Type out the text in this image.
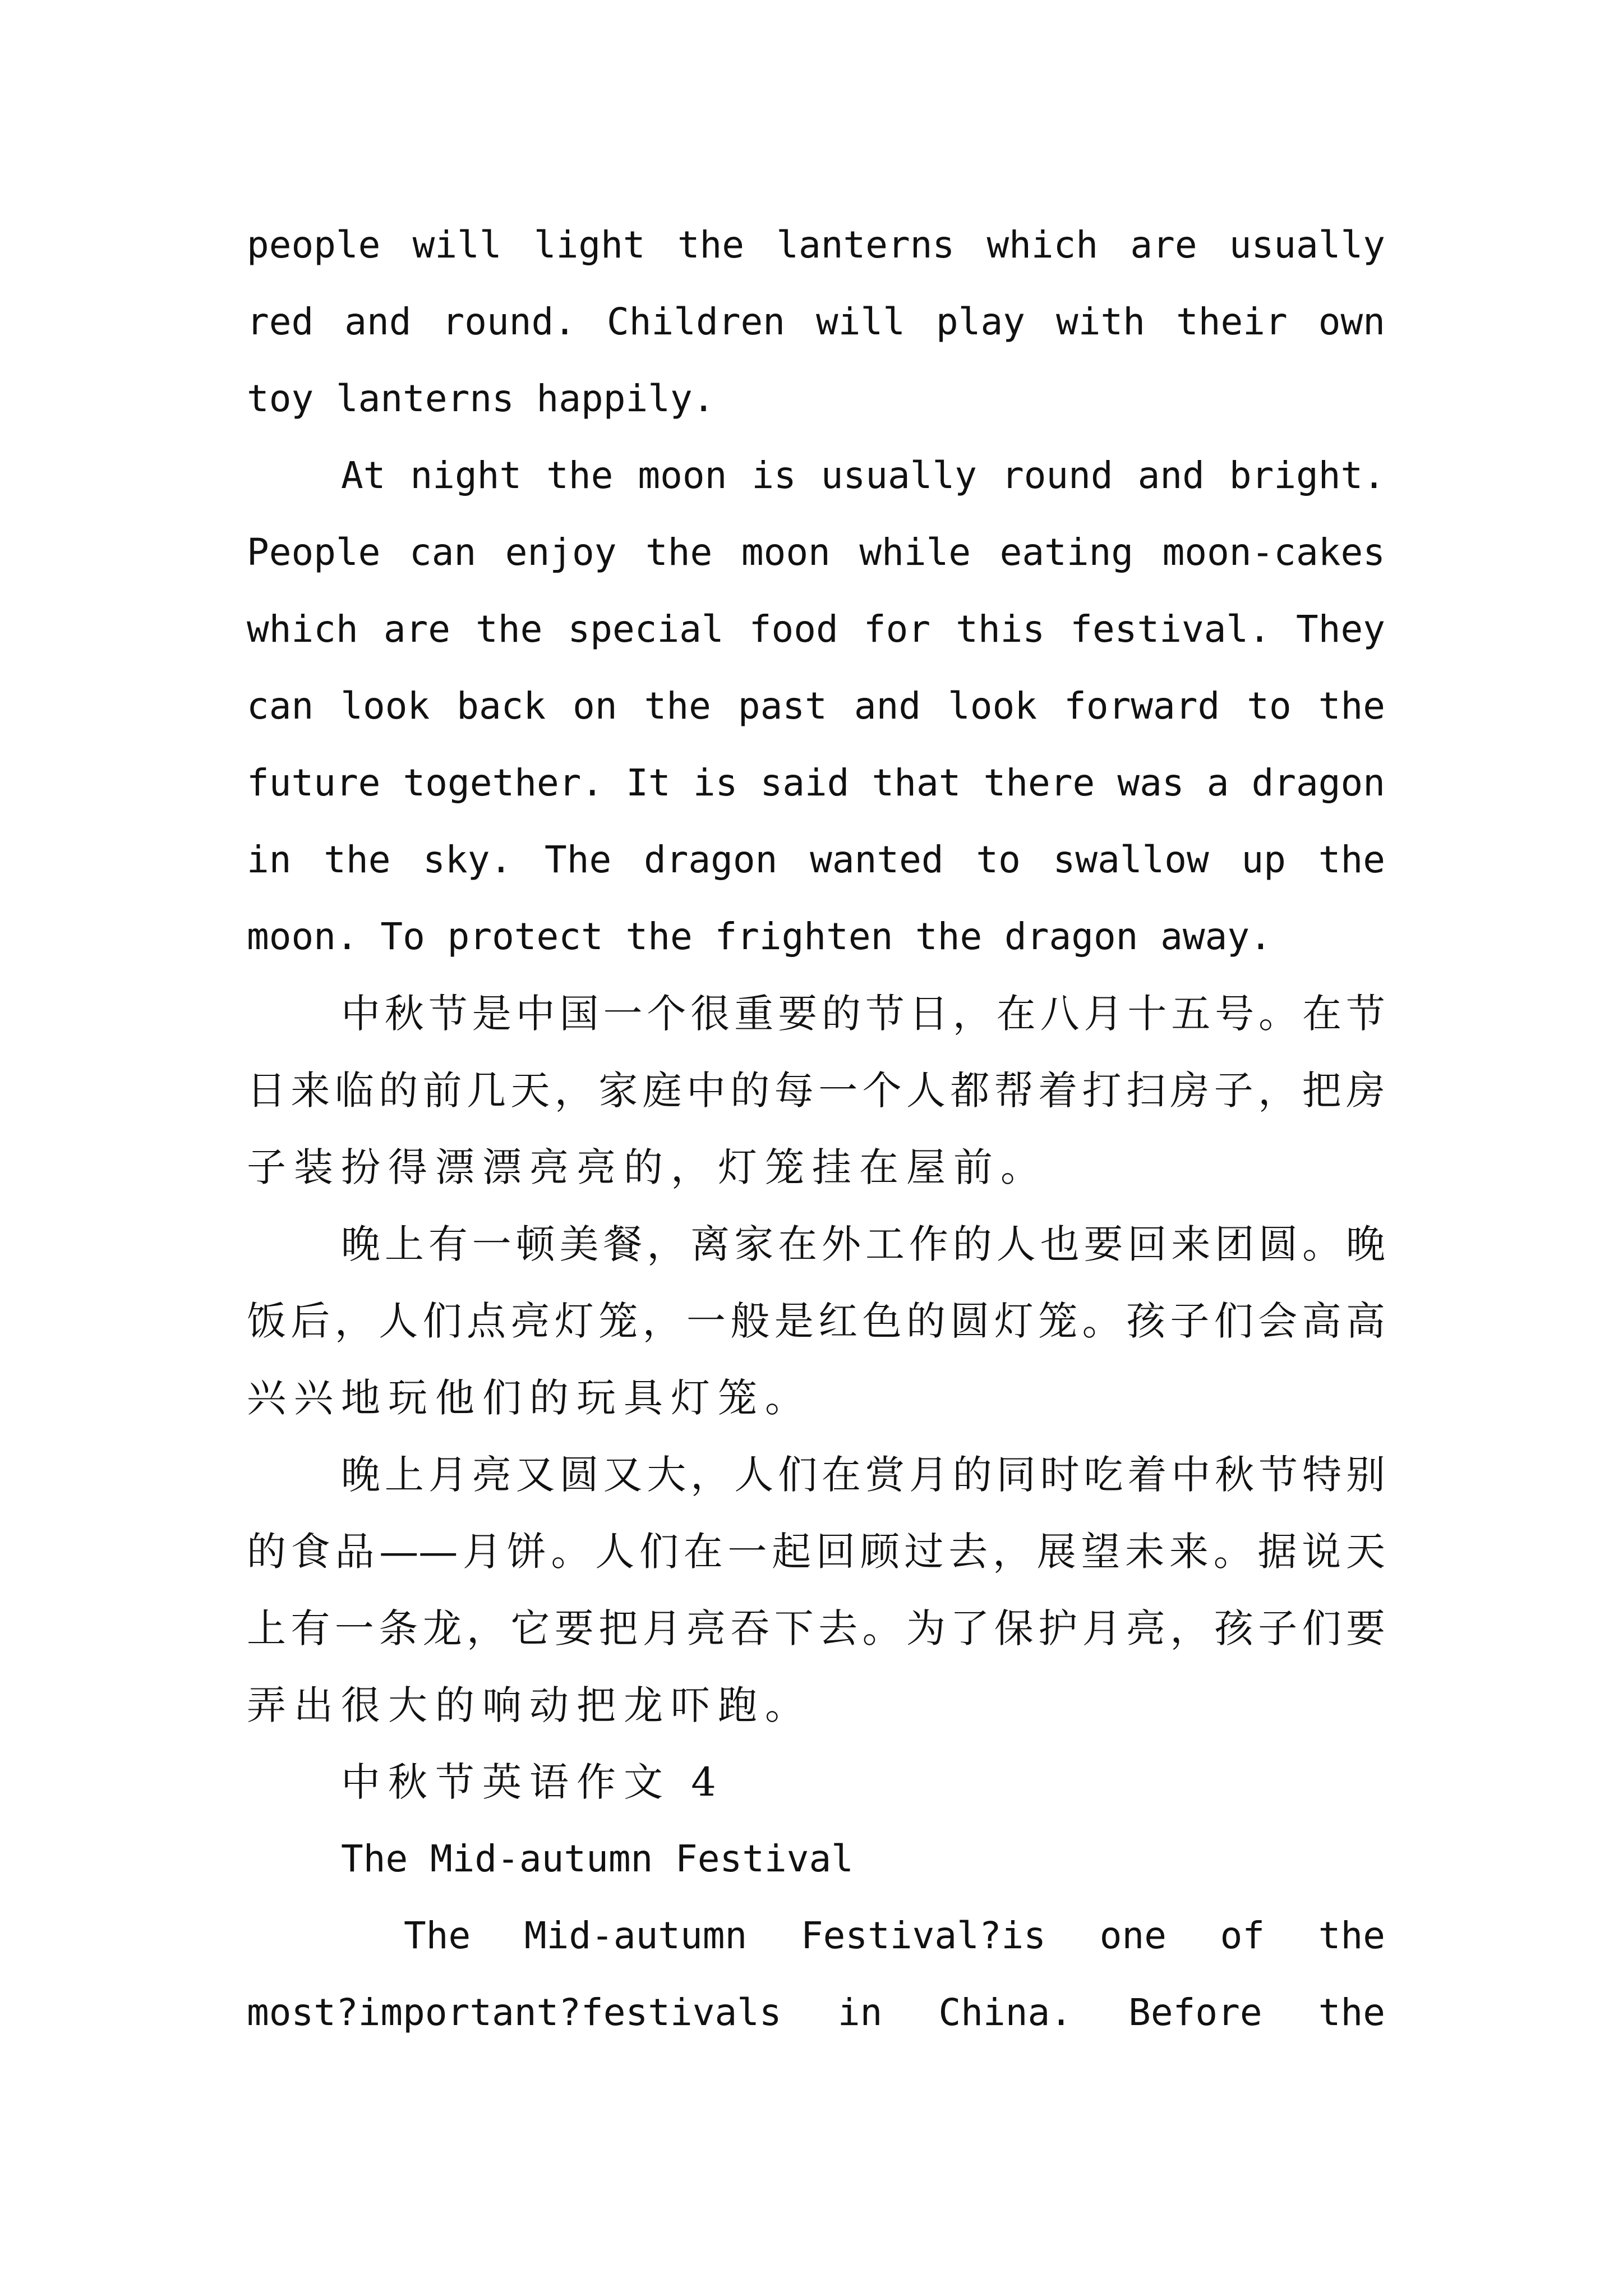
people will light the lanterns which are usually
red and round. Children will play with their own
toy lanterns happily.
At night the moon is usually round and bright.
People can enjoy the moon while eating moon-cakes
which are the special food for this festival. They
can look back on the past and look forward to the
future together. It is said that there was a dragon
in the sky. The dragon wanted to swallow up the
moon. To protect the frighten the dragon away.
中秋节是中国一个很重要的节日，在八月十五号。在节
日来临的前几天，家庭中的每一个人都帮着打扫房子，把房
子装扮得漂漂亮亮的，灯笼挂在屋前。
晚上有一顿美餐，离家在外工作的人也要回来团圆。晚
饭后，人们点亮灯笼，一般是红色的圆灯笼。孩子们会高高
兴兴地玩他们的玩具灯笼。
晚上月亮又圆又大，人们在赏月的同时吃着中秋节特别
的食品——月饼。人们在一起回顾过去，展望未来。据说天
上有一条龙，它要把月亮吞下去。为了保护月亮，孩子们要
弄出很大的响动把龙吓跑。
中秋节英语作文 4
The Mid-autumn Festival
The Mid-autumn Festival?is one of the
most?important?festivals in China. Before the
